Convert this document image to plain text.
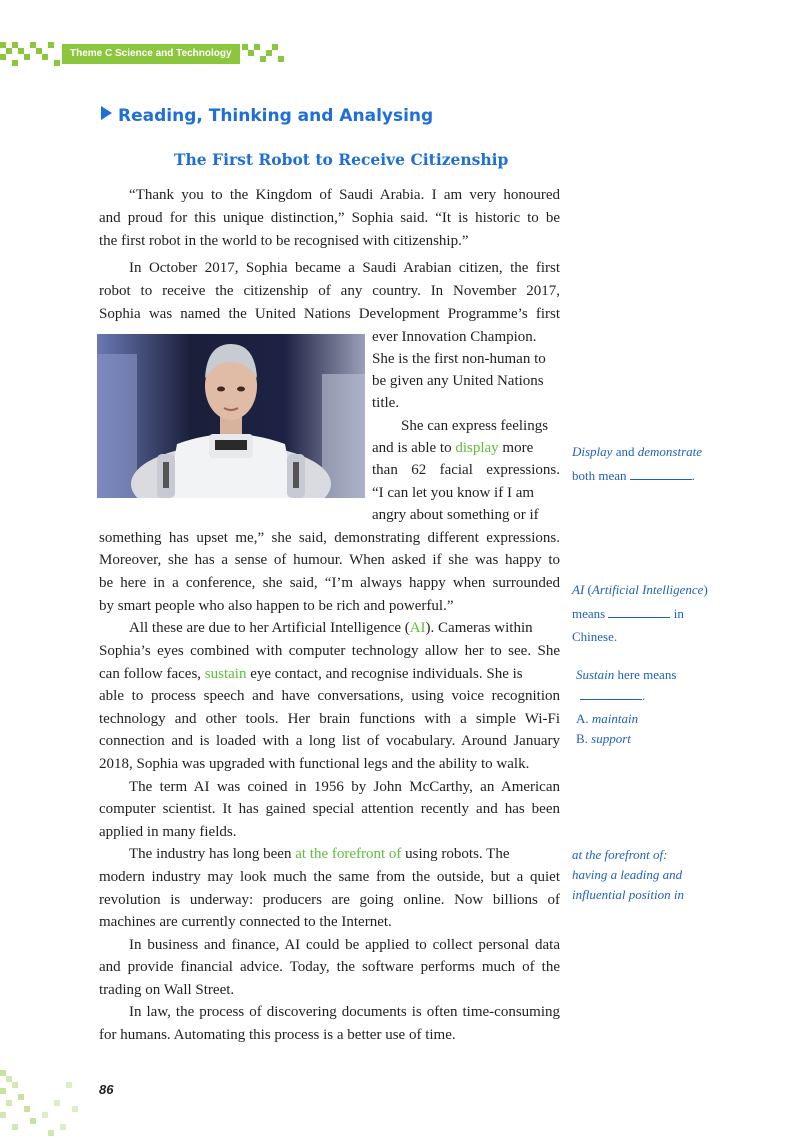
Theme C Science and Technology
Reading, Thinking and Analysing
The First Robot to Receive Citizenship
“Thank you to the Kingdom of Saudi Arabia. I am very honoured
and proud for this unique distinction,” Sophia said. “It is historic to be
the first robot in the world to be recognised with citizenship.”
In October 2017, Sophia became a Saudi Arabian citizen, the first
robot to receive the citizenship of any country. In November 2017,
Sophia was named the United Nations Development Programme’s first
ever Innovation Champion.
She is the first non-human to
be given any United Nations
title.
She can express feelings
and is able to display more
than 62 facial expressions.
“I can let you know if I am
angry about something or if
something has upset me,” she said, demonstrating different expressions.
Moreover, she has a sense of humour. When asked if she was happy to
be here in a conference, she said, “I’m always happy when surrounded
by smart people who also happen to be rich and powerful.”
All these are due to her Artificial Intelligence (AI). Cameras within
Sophia’s eyes combined with computer technology allow her to see. She
can follow faces, sustain eye contact, and recognise individuals. She is
able to process speech and have conversations, using voice recognition
technology and other tools. Her brain functions with a simple Wi-Fi
connection and is loaded with a long list of vocabulary. Around January
2018, Sophia was upgraded with functional legs and the ability to walk.
The term AI was coined in 1956 by John McCarthy, an American
computer scientist. It has gained special attention recently and has been
applied in many fields.
The industry has long been at the forefront of using robots. The
modern industry may look much the same from the outside, but a quiet
revolution is underway: producers are going online. Now billions of
machines are currently connected to the Internet.
In business and finance, AI could be applied to collect personal data
and provide financial advice. Today, the software performs much of the
trading on Wall Street.
In law, the process of discovering documents is often time-consuming
for humans. Automating this process is a better use of time.
Display and demonstrate
both mean	.
AI (Artificial Intelligence)
means	in
Chinese.
Sustain here means
.
A. maintain
B. support
at the forefront of:
having a leading and
influential position in
86
